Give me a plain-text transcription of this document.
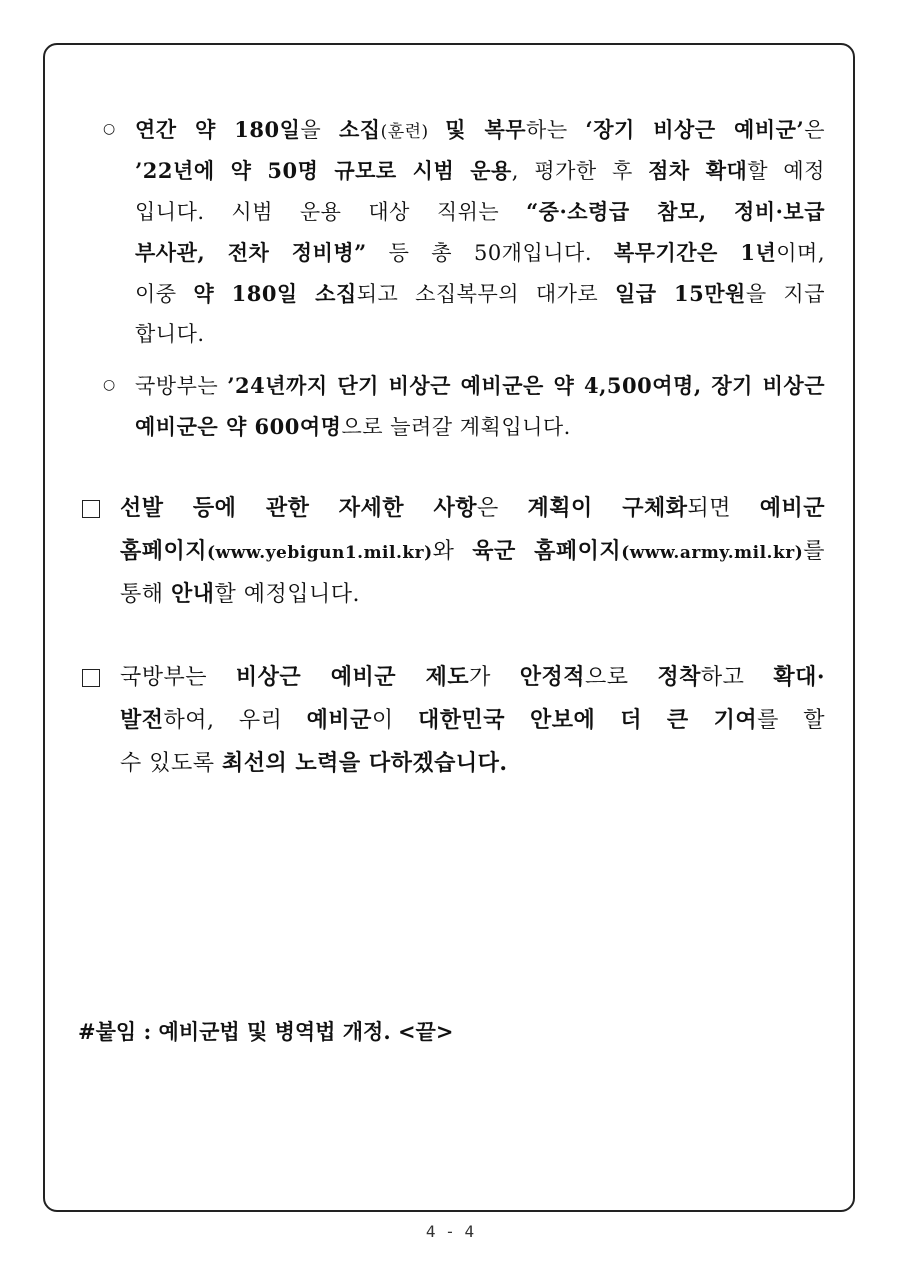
○ 연간 약 180일을 소집(훈련) 및 복무하는 ‘장기 비상근 예비군’은
’22년에 약 50명 규모로 시범 운용, 평가한 후 점차 확대할 예정
입니다. 시범 운용 대상 직위는 “중·소령급 참모, 정비·보급
부사관, 전차 정비병” 등 총 50개입니다. 복무기간은 1년이며,
이중 약 180일 소집되고 소집복무의 대가로 일급 15만원을 지급
합니다.
○ 국방부는 ’24년까지 단기 비상근 예비군은 약 4,500여명, 장기 비상근
예비군은 약 600여명으로 늘려갈 계획입니다.
선발 등에 관한 자세한 사항은 계획이 구체화되면 예비군
홈페이지(www.yebigun1.mil.kr)와 육군 홈페이지(www.army.mil.kr)를
통해 안내할 예정입니다.
국방부는 비상근 예비군 제도가 안정적으로 정착하고 확대·
발전하여, 우리 예비군이 대한민국 안보에 더 큰 기여를 할
수 있도록 최선의 노력을 다하겠습니다.
#붙임 : 예비군법 및 병역법 개정. <끝>
4 - 4
